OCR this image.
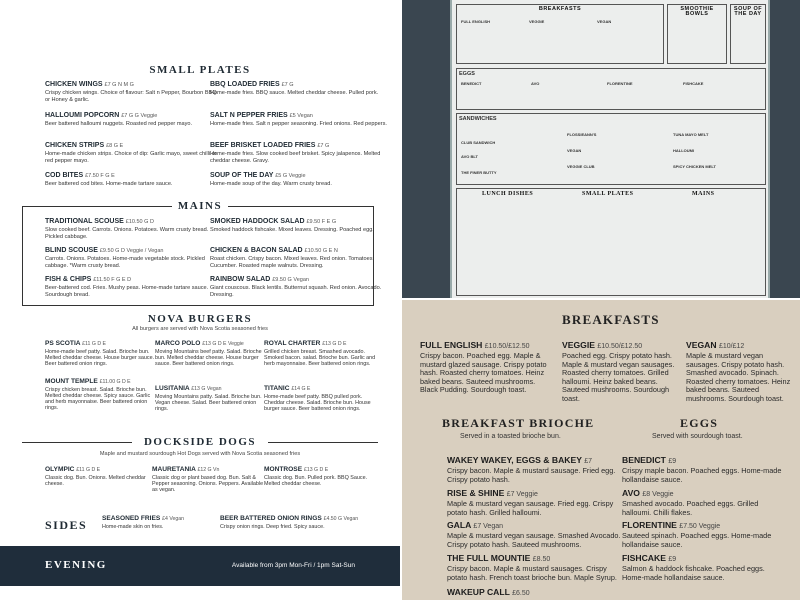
SMALL PLATES
CHICKEN WINGS £7 G N M G
Crispy chicken wings. Choice of flavour: Salt n Pepper, Bourbon BBQ or Honey & garlic.
BBQ LOADED FRIES £7 G
Home-made fries. BBQ sauce. Melted cheddar cheese. Pulled pork.
HALLOUMI POPCORN £7 G G Veggie
Beer battered halloumi nuggets. Roasted red pepper mayo.
SALT N PEPPER FRIES £5 Vegan
Home-made fries. Salt n pepper seasoning. Fried onions. Red peppers.
CHICKEN STRIPS £8 G E
Home-made chicken strips. Choice of dip: Garlic mayo, sweet chilli or red pepper mayo.
BEEF BRISKET LOADED FRIES £7 G
Home-made fries. Slow cooked beef brisket. Spicy jalapenos. Melted cheddar cheese. Gravy.
COD BITES £7.50 F G E
Beer battered cod bites. Home-made tartare sauce.
SOUP OF THE DAY £5 G Veggie
Home-made soup of the day. Warm crusty bread.
MAINS
TRADITIONAL SCOUSE £10.50 G D
Slow cooked beef. Carrots. Onions. Potatoes. Warm crusty bread. Pickled cabbage.
SMOKED HADDOCK SALAD £9.50 F E G
Smoked haddock fishcake. Mixed leaves. Dressing. Poached egg.
BLIND SCOUSE £9.50 G D Veggie / Vegan
Carrots. Onions. Potatoes. Home-made vegetable stock. Pickled cabbage. *Warm crusty bread.
CHICKEN & BACON SALAD £10.50 G E N
Roast chicken. Crispy bacon. Mixed leaves. Red onion. Tomatoes. Cucumber. Roasted maple walnuts. Dressing.
FISH & CHIPS £11.50 F G E D
Beer-battered cod. Fries. Mushy peas. Home-made tartare sauce. Sourdough bread.
RAINBOW SALAD £9.50 G Vegan
Giant couscous. Black lentils. Butternut squash. Red onion. Avocado. Dressing.
NOVA BURGERS
All burgers are served with Nova Scotia seasoned fries
PS SCOTIA £11 G D E
Home-made beef patty. Salad. Brioche bun. Melted cheddar cheese. House burger sauce. Beer battered onion rings.
MARCO POLO £13 G D E Veggie
Moving Mountains beef patty. Salad. Brioche bun. Melted cheddar cheese. House burger sauce. Beer battered onion rings.
ROYAL CHARTER £13 G D E
Grilled chicken breast. Smashed avocado. Smoked bacon. salad. Brioche bun. Garlic and herb mayonnaise. Beer battered onion rings.
MOUNT TEMPLE £11.00 G D E
Crispy chicken breast. Salad. Brioche bun. Melted cheddar cheese. Spicy sauce. Garlic and herb mayonnaise. Beer battered onion rings.
LUSITANIA £13 G Vegan
Moving Mountains patty. Salad. Brioche bun. Vegan cheese. Salad. Beer battered onion rings.
TITANIC £14 G E
Home-made beef patty. BBQ pulled pork. Cheddar cheese. Salad. Brioche bun. House burger sauce. Beer battered onion rings.
DOCKSIDE DOGS
Maple and mustard sourdough Hot Dogs served with Nova Scotia seasoned fries
OLYMPIC £11 G D E
Classic dog. Bun. Onions. Melted cheddar cheese.
MAURETANIA £12 G Vn
Classic dog or plant based dog. Bun. Salt & Pepper seasoning. Onions. Peppers. Available as vegan.
MONTROSE £13 G D E
Classic dog. Bun. Pulled pork. BBQ Sauce. Melted cheddar cheese.
SIDES SEASONED FRIES £4 Vegan
Home-made skin on fries.
BEER BATTERED ONION RINGS £4.50 G Vegan
Crispy onion rings. Deep fried. Spicy sauce.
EVENING	Available from 3pm Mon-Fri / 1pm Sat-Sun
BREAKFASTS
FULL ENGLISH	VEGGIE	VEGAN
SMOOTHIE BOWLS
SOUP OF THE DAY
EGGS
BENEDICT	AVO	FLORENTINE	FISHCAKE
SANDWICHES
CLUB SANDWICH
FLOSSIEANN'S	TUNA MAYO MELT
AVO BLT
VEGAN	HALLOUMI
THE FINER BUTTY
VEGGIE CLUB	SPICY CHICKEN MELT
LUNCH DISHES	SMALL PLATES	MAINS
BREAKFASTS
FULL ENGLISH £10.50/£12.50
Crispy bacon. Poached egg. Maple & mustard glazed sausage. Crispy potato hash. Roasted cherry tomatoes. Heinz baked beans. Sauteed mushrooms. Black Pudding. Sourdough toast.
VEGGIE £10.50/£12.50
Poached egg. Crispy potato hash. Maple & mustard vegan sausages. Roasted cherry tomatoes. Grilled halloumi. Heinz baked beans. Sauteed mushrooms. Sourdough toast.
VEGAN £10/£12
Maple & mustard vegan sausages. Crispy potato hash. Smashed avocado. Spinach. Roasted cherry tomatoes. Heinz baked beans. Sauteed mushrooms. Sourdough toast.
BREAKFAST BRIOCHE
Served in a toasted brioche bun.
EGGS
Served with sourdough toast.
WAKEY WAKEY, EGGS & BAKEY £7
Crispy bacon. Maple & mustard sausage. Fried egg. Crispy potato hash.
RISE & SHINE £7 Veggie
Maple & mustard vegan sausage. Fried egg. Crispy potato hash. Grilled halloumi.
GALA £7 Vegan
Maple & mustard vegan sausage. Smashed Avocado. Crispy potato hash. Sauteed mushrooms.
THE FULL MOUNTIE £8.50
Crispy bacon. Maple & mustard sausages. Crispy potato hash. French toast brioche bun. Maple Syrup.
WAKEUP CALL £6.50
BENEDICT £9
Crispy maple bacon. Poached eggs. Home-made hollandaise sauce.
AVO £8 Veggie
Smashed avocado. Poached eggs. Grilled halloumi. Chilli flakes.
FLORENTINE £7.50 Veggie
Sauteed spinach. Poached eggs. Home-made hollandaise sauce.
FISHCAKE £9
Salmon & haddock fishcake. Poached eggs. Home-made hollandaise sauce.
